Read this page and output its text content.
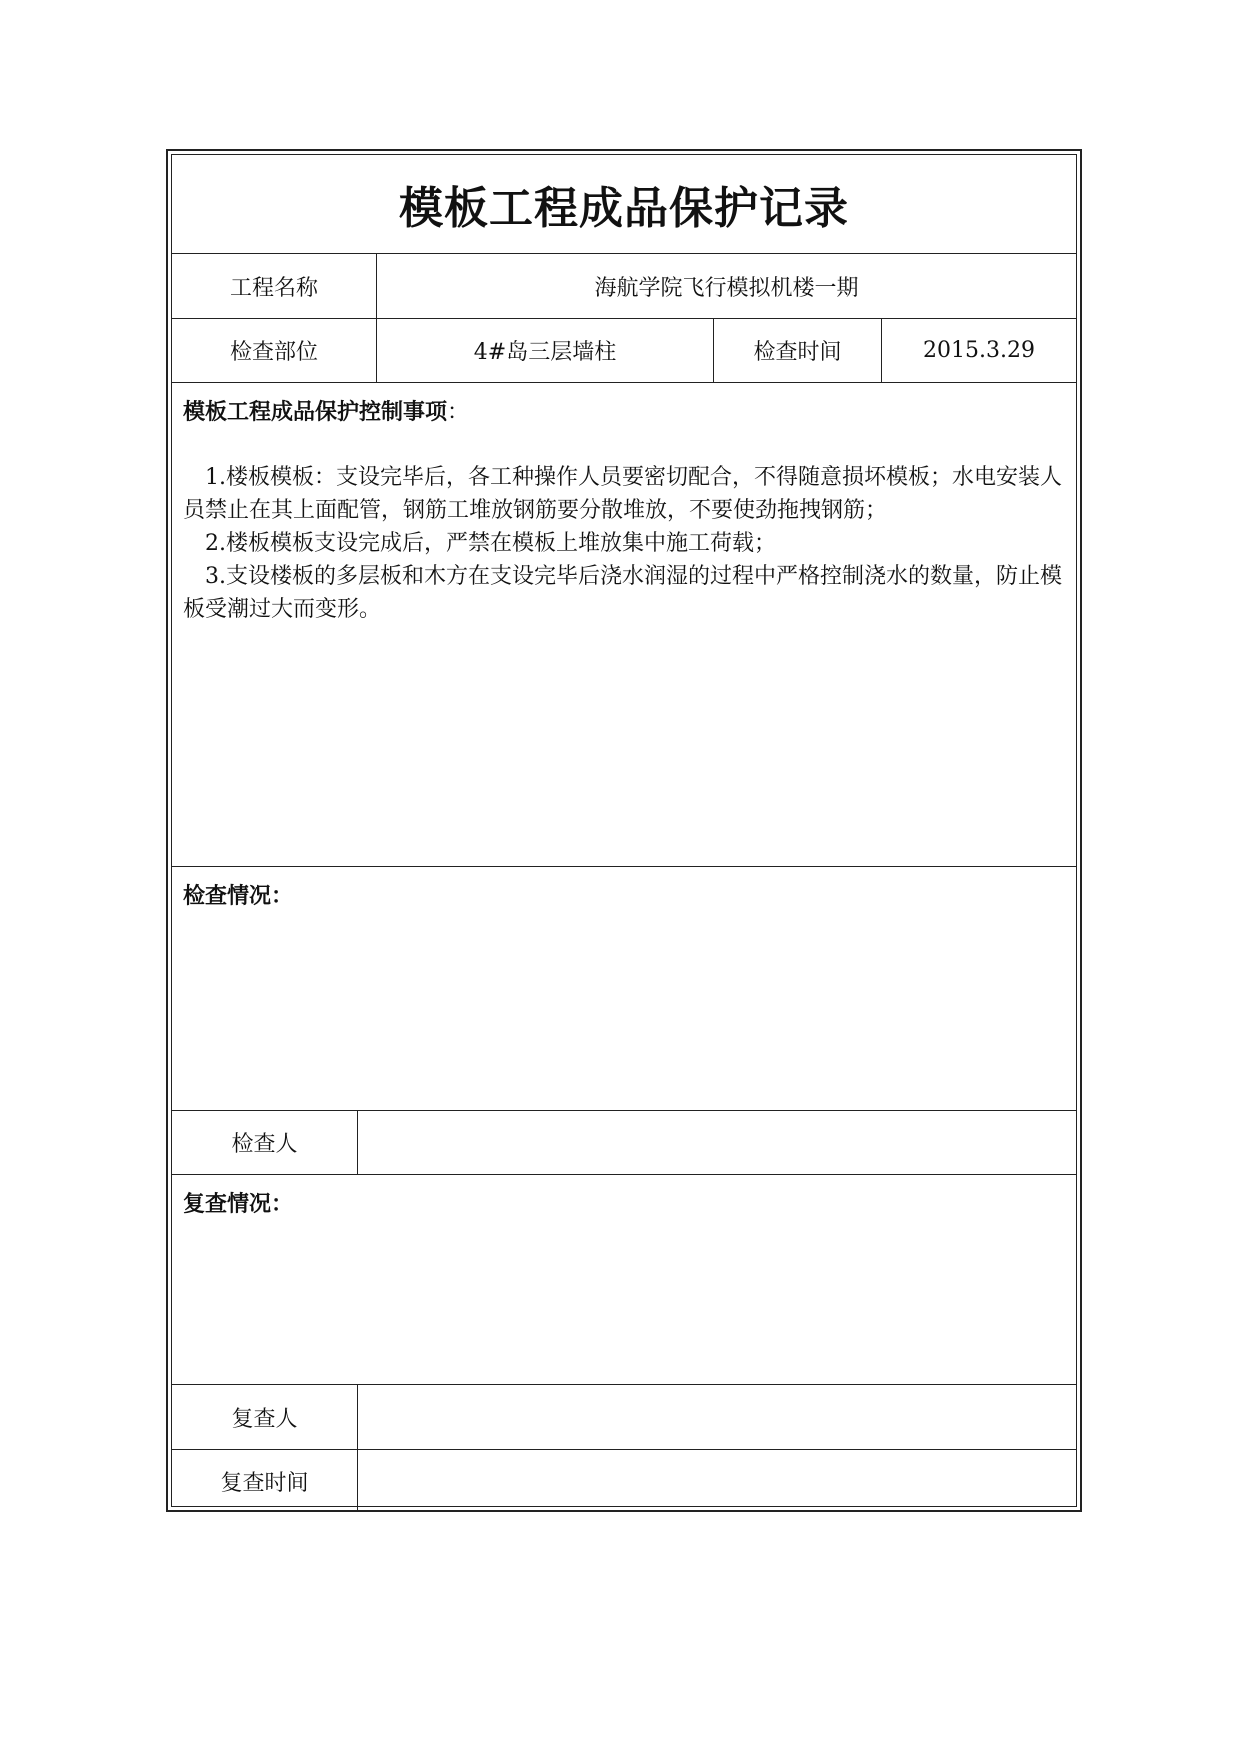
模板工程成品保护记录
工程名称	海航学院飞行模拟机楼一期
检查部位	4#岛三层墙柱	检查时间	2015.3.29
模板工程成品保护控制事项：

1.楼板模板：支设完毕后，各工种操作人员要密切配合，不得随意损坏模板；水电安装人员禁止在其上面配管，钢筋工堆放钢筋要分散堆放，不要使劲拖拽钢筋；

2.楼板模板支设完成后，严禁在模板上堆放集中施工荷载；

3.支设楼板的多层板和木方在支设完毕后浇水润湿的过程中严格控制浇水的数量，防止模板受潮过大而变形。

检查情况：
检查人
复查情况：
复查人
复查时间
